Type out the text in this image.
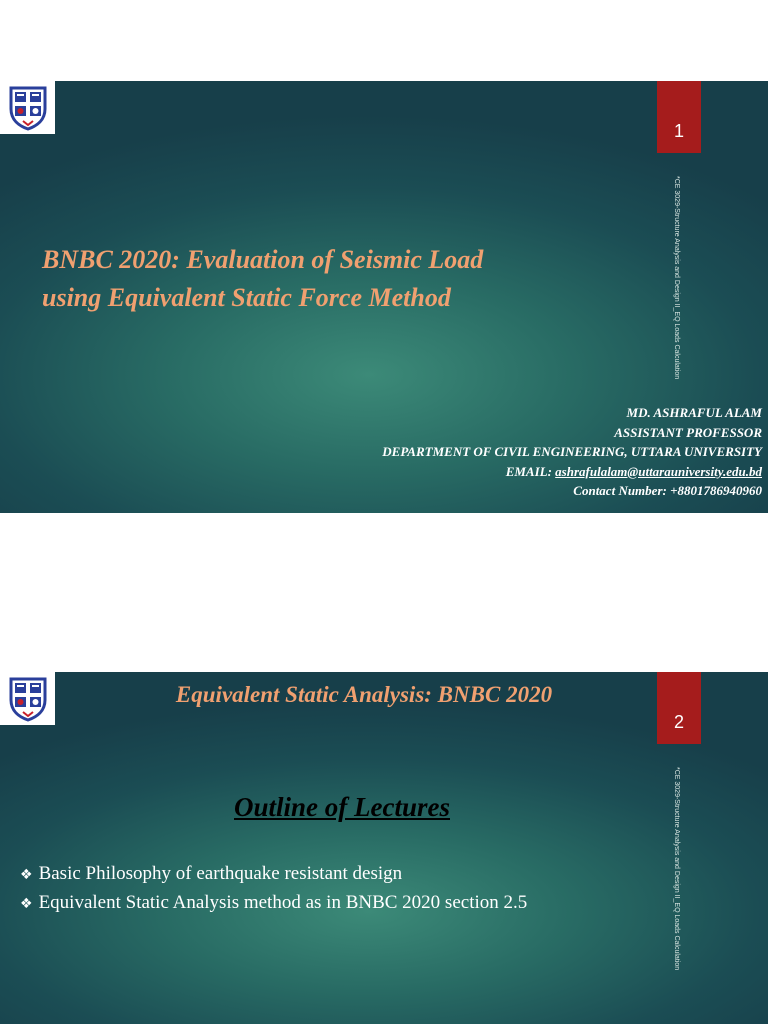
1
*CE 3029-Structure Analysis and Design II_EQ Loads Calculation
BNBC 2020: Evaluation of Seismic Load
using Equivalent Static Force Method
MD. ASHRAFUL ALAM
ASSISTANT PROFESSOR
DEPARTMENT OF CIVIL ENGINEERING, UTTARA UNIVERSITY
EMAIL: ashrafulalam@uttarauniversity.edu.bd
Contact Number: +8801786940960
Equivalent Static Analysis: BNBC 2020
2
*CE 3029-Structure Analysis and Design II_EQ Loads Calculation
Outline of Lectures
❖ Basic Philosophy of earthquake resistant design
❖ Equivalent Static Analysis method as in BNBC 2020 section 2.5
